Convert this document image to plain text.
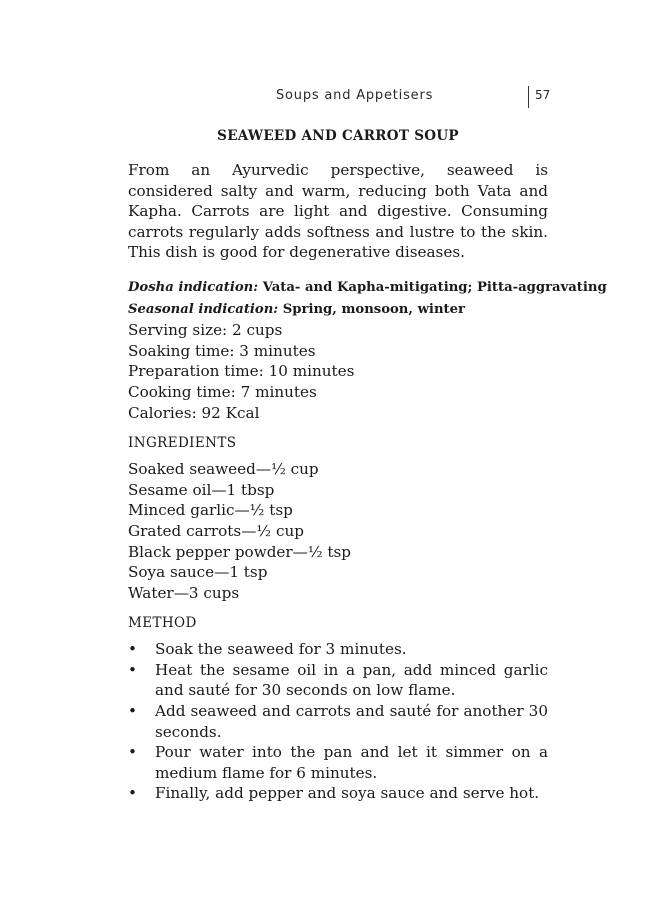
Soups and Appetisers	57
SEAWEED AND CARROT SOUP

From an Ayurvedic perspective, seaweed is considered salty and warm, reducing both Vata and Kapha. Carrots are light and digestive. Consuming carrots regularly adds softness and lustre to the skin. This dish is good for degenerative diseases.

Dosha indication: Vata- and Kapha-mitigating; Pitta-aggravating
Seasonal indication: Spring, monsoon, winter
Serving size: 2 cups
Soaking time: 3 minutes
Preparation time: 10 minutes
Cooking time: 7 minutes
Calories: 92 Kcal
INGREDIENTS
Soaked seaweed—½ cup
Sesame oil—1 tbsp
Minced garlic—½ tsp
Grated carrots—½ cup
Black pepper powder—½ tsp
Soya sauce—1 tsp
Water—3 cups
METHOD
• Soak the seaweed for 3 minutes.
• Heat the sesame oil in a pan, add minced garlic and sauté for 30 seconds on low flame.
• Add seaweed and carrots and sauté for another 30 seconds.
• Pour water into the pan and let it simmer on a medium flame for 6 minutes.
• Finally, add pepper and soya sauce and serve hot.
